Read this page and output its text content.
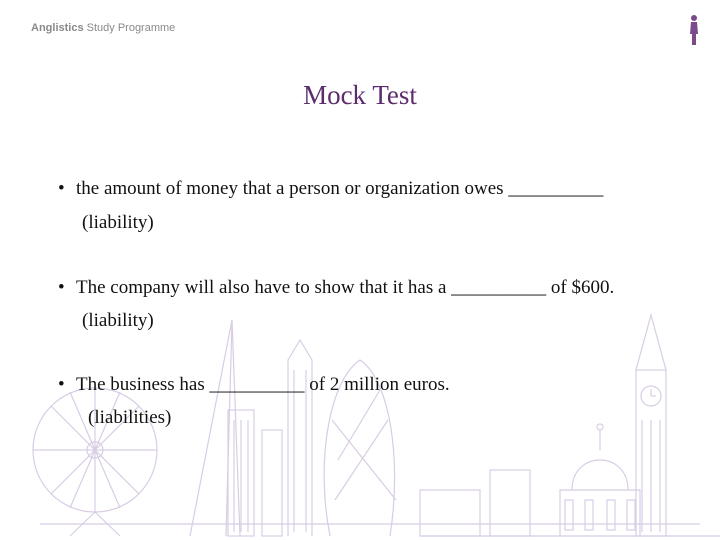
Anglistics Study Programme
Mock Test
• the amount of money that a person or organization owes __________
(liability)
• The company will also have to show that it has a __________ of $600.
(liability)
• The business has __________ of 2 million euros.
(liabilities)
